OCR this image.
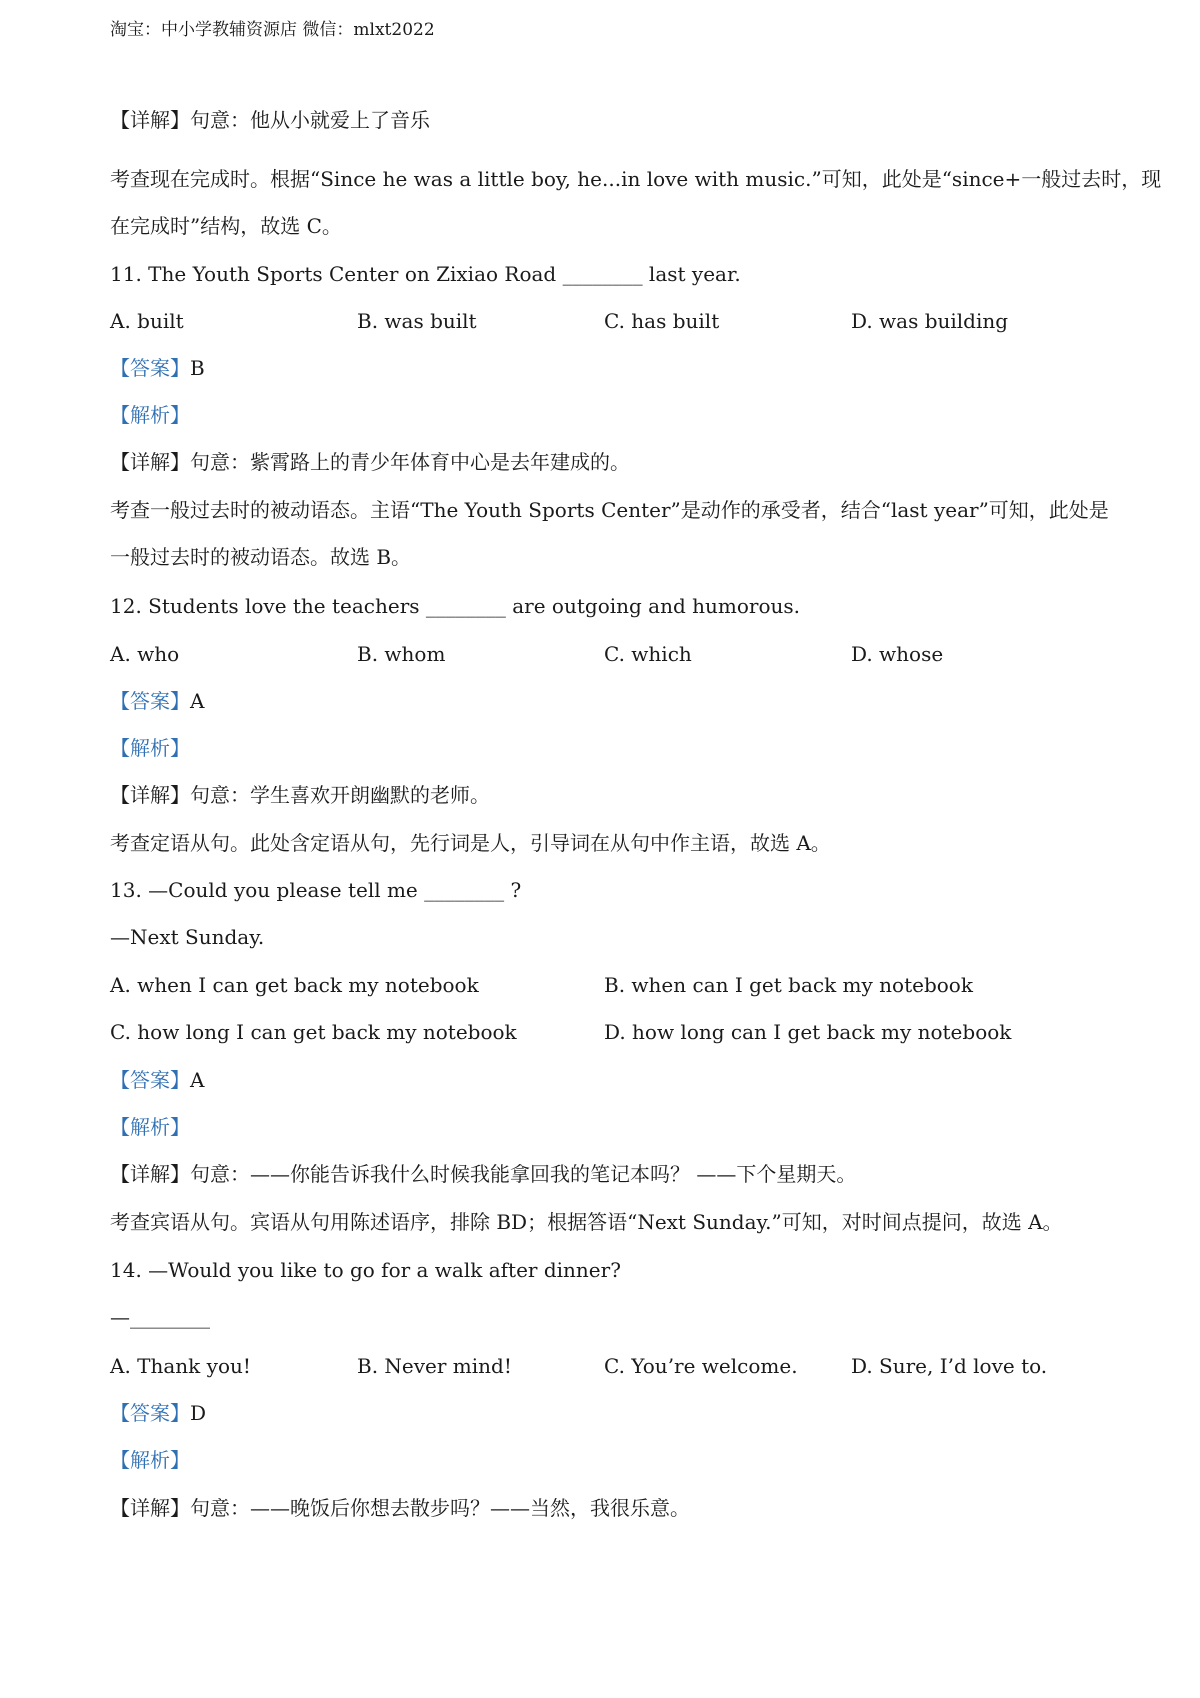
淘宝：中小学教辅资源店 微信：mlxt2022
【详解】句意：他从小就爱上了音乐
考查现在完成时。根据“Since he was a little boy, he...in love with music.”可知，此处是“since+一般过去时，现
在完成时”结构，故选 C。
11. The Youth Sports Center on Zixiao Road ________ last year.
A. built	B. was built	C. has built	D. was building
【答案】B
【解析】
【详解】句意：紫霄路上的青少年体育中心是去年建成的。
考查一般过去时的被动语态。主语“The Youth Sports Center”是动作的承受者，结合“last year”可知，此处是
一般过去时的被动语态。故选 B。
12. Students love the teachers ________ are outgoing and humorous.
A. who	B. whom	C. which	D. whose
【答案】A
【解析】
【详解】句意：学生喜欢开朗幽默的老师。
考查定语从句。此处含定语从句，先行词是人，引导词在从句中作主语，故选 A。
13. —Could you please tell me ________ ?
—Next Sunday.
A. when I can get back my notebook	B. when can I get back my notebook
C. how long I can get back my notebook	D. how long can I get back my notebook
【答案】A
【解析】
【详解】句意：——你能告诉我什么时候我能拿回我的笔记本吗？ ——下个星期天。
考查宾语从句。宾语从句用陈述语序，排除 BD；根据答语“Next Sunday.”可知，对时间点提问，故选 A。
14. —Would you like to go for a walk after dinner?
—________
A. Thank you!	B. Never mind!	C. You’re welcome.	D. Sure, I’d love to.
【答案】D
【解析】
【详解】句意：——晚饭后你想去散步吗？——当然，我很乐意。
